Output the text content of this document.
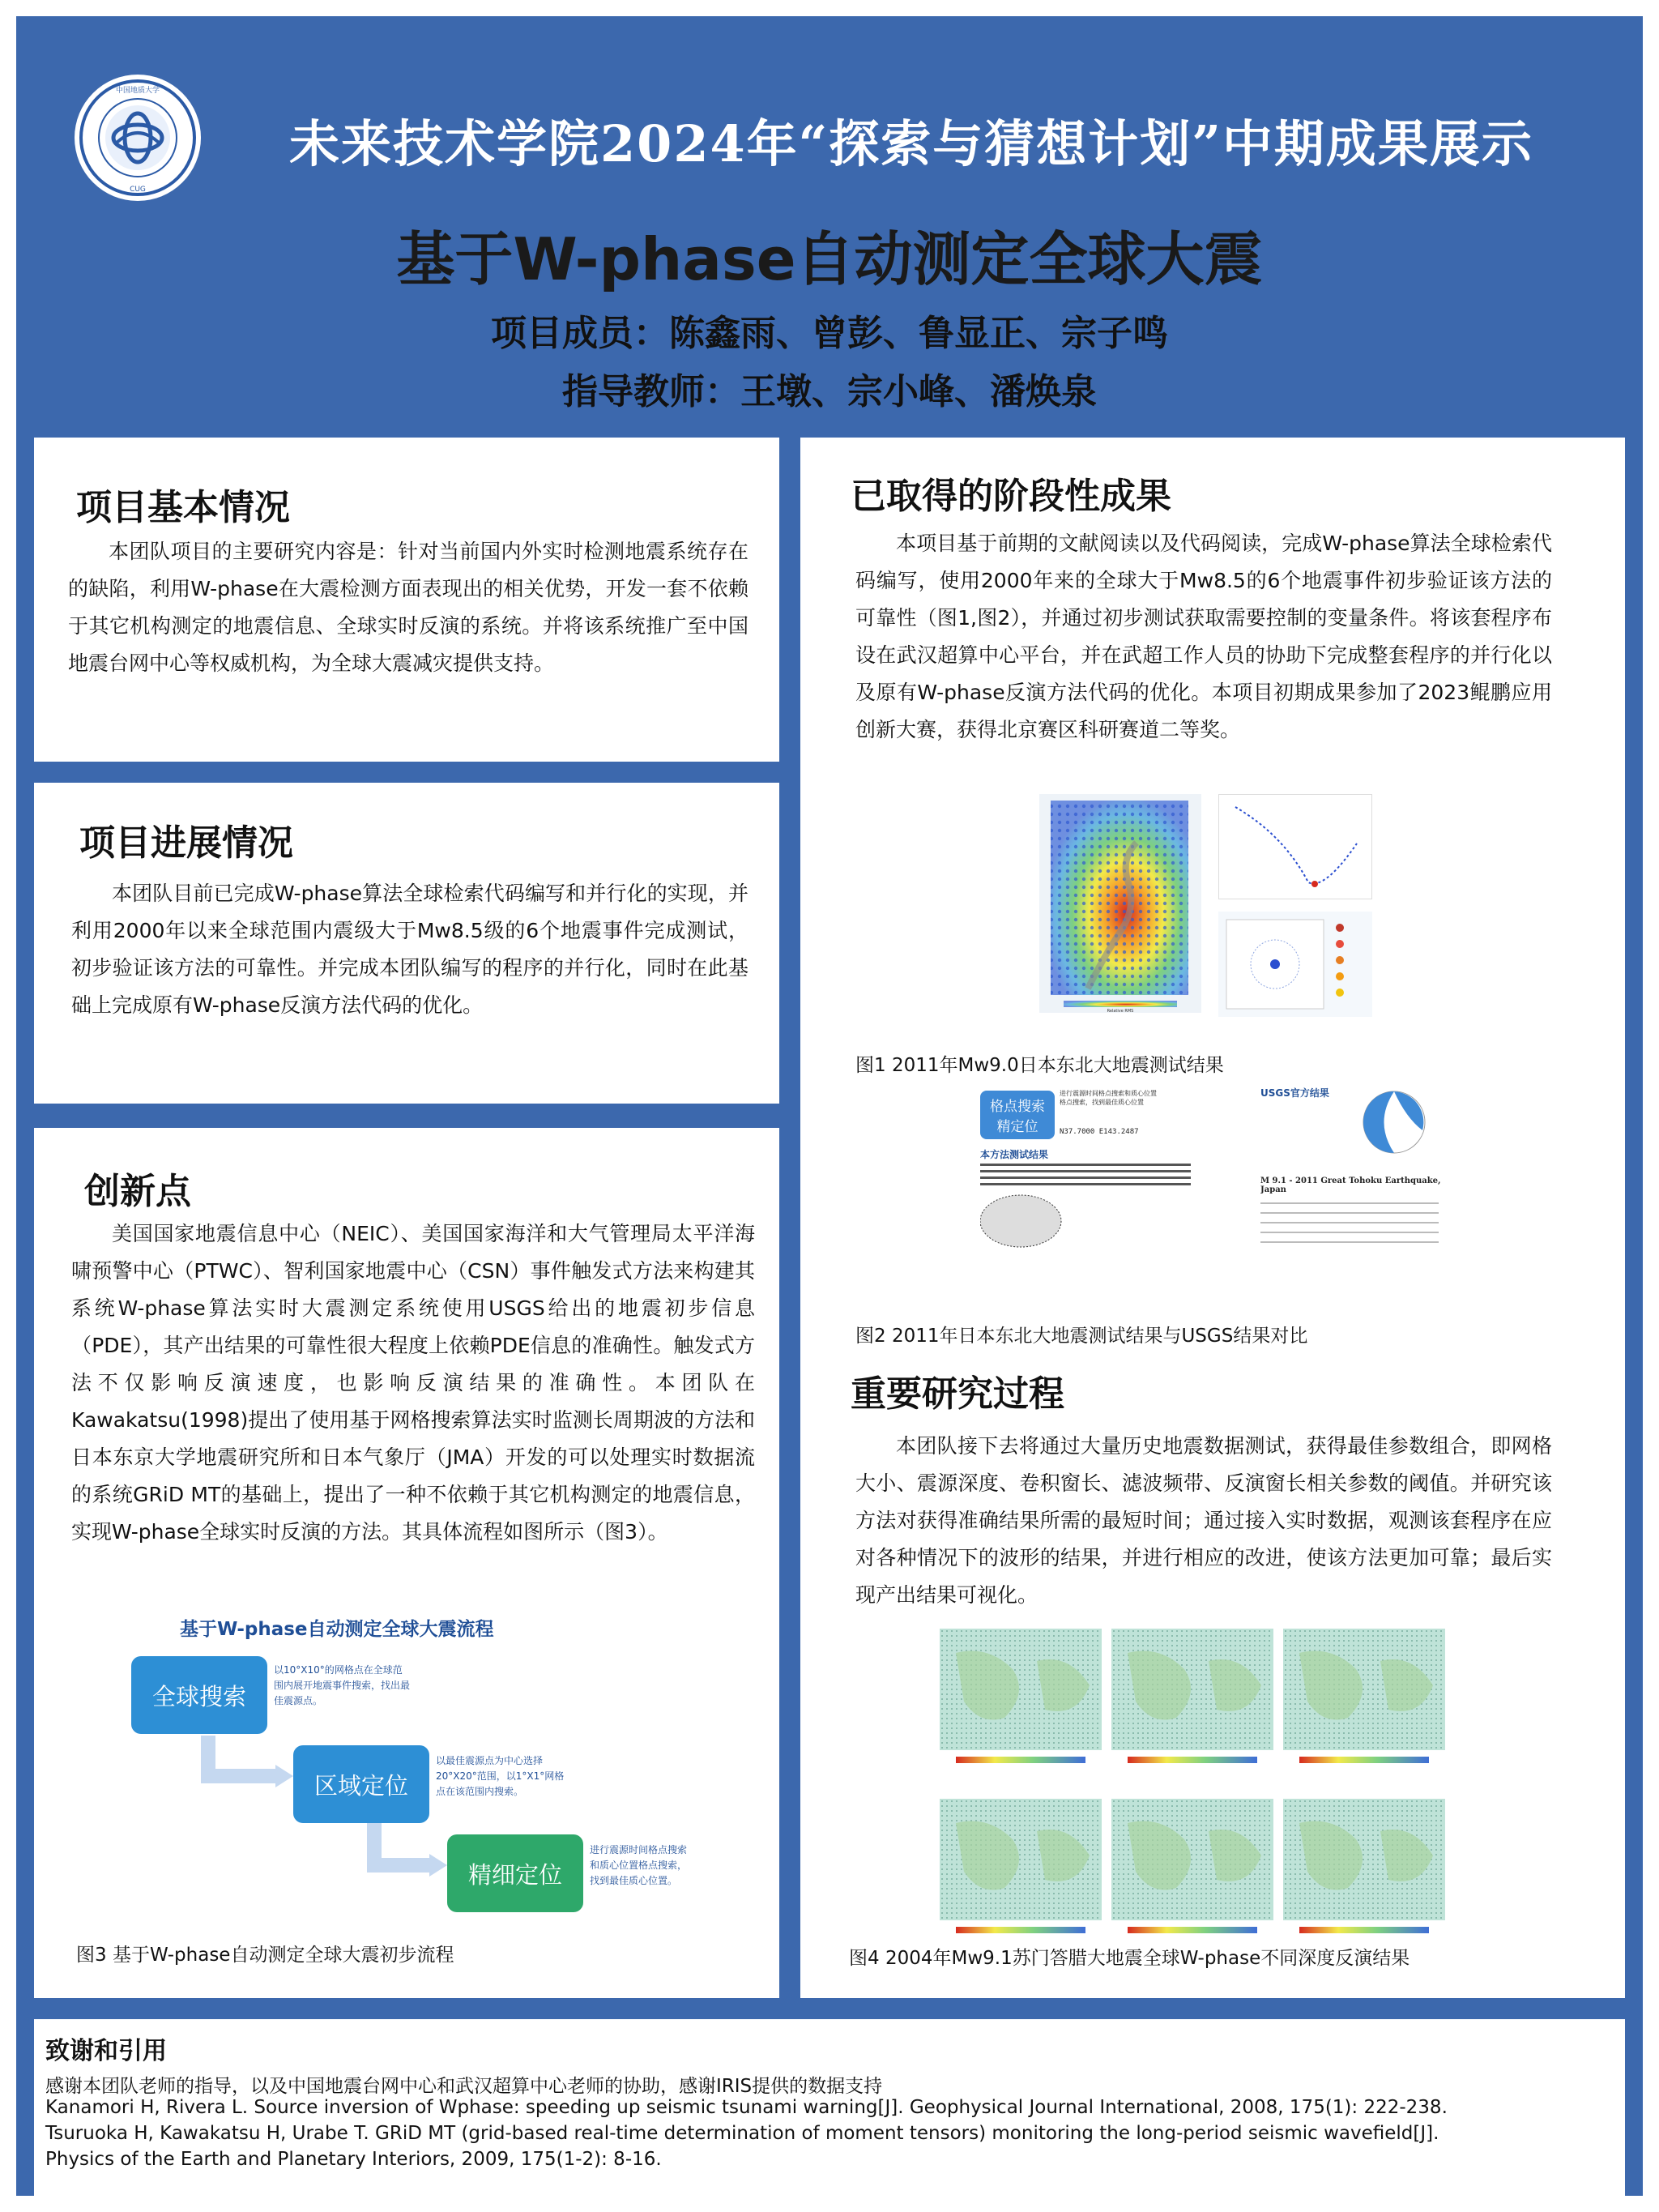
中国地质大学
CUG
未来技术学院2024年“探索与猜想计划”中期成果展示
基于W-phase自动测定全球大震
项目成员：陈鑫雨、曾彭、鲁显正、宗子鸣
指导教师：王墩、宗小峰、潘焕泉
项目基本情况

本团队项目的主要研究内容是：针对当前国内外实时检测地震系统存在的缺陷，利用W-phase在大震检测方面表现出的相关优势，开发一套不依赖于其它机构测定的地震信息、全球实时反演的系统。并将该系统推广至中国地震台网中心等权威机构，为全球大震减灾提供支持。

项目进展情况

本团队目前已完成W-phase算法全球检索代码编写和并行化的实现，并利用2000年以来全球范围内震级大于Mw8.5级的6个地震事件完成测试，初步验证该方法的可靠性。并完成本团队编写的程序的并行化，同时在此基础上完成原有W-phase反演方法代码的优化。

创新点

美国国家地震信息中心（NEIC）、美国国家海洋和大气管理局太平洋海啸预警中心（PTWC）、智利国家地震中心（CSN）事件触发式方法来构建其系统W-phase算法实时大震测定系统使用USGS给出的地震初步信息（PDE），其产出结果的可靠性很大程度上依赖PDE信息的准确性。触发式方法不仅影响反演速度，也影响反演结果的准确性。本团队在Kawakatsu(1998)提出了使用基于网格搜索算法实时监测长周期波的方法和日本东京大学地震研究所和日本气象厅（JMA）开发的可以处理实时数据流的系统GRiD MT的基础上，提出了一种不依赖于其它机构测定的地震信息，实现W-phase全球实时反演的方法。其具体流程如图所示（图3）。

基于W-phase自动测定全球大震流程
全球搜索
以10°X10°的网格点在全球范围内展开地震事件搜索，找出最佳震源点。
区域定位
以最佳震源点为中心选择20°X20°范围，以1°X1°网格点在该范围内搜索。
精细定位
进行震源时间格点搜索和质心位置格点搜索，找到最佳质心位置。
图3 基于W-phase自动测定全球大震初步流程
已取得的阶段性成果

本项目基于前期的文献阅读以及代码阅读，完成W-phase算法全球检索代码编写，使用2000年来的全球大于Mw8.5的6个地震事件初步验证该方法的可靠性（图1,图2），并通过初步测试获取需要控制的变量条件。将该套程序布设在武汉超算中心平台，并在武超工作人员的协助下完成整套程序的并行化以及原有W-phase反演方法代码的优化。本项目初期成果参加了2023鲲鹏应用创新大赛，获得北京赛区科研赛道二等奖。

Relative RMS
图1 2011年Mw9.0日本东北大地震测试结果
格点搜索 精定位
进行震源时间格点搜索和质心位置格点搜索，找到最佳质心位置
N37.7000 E143.2487
本方法测试结果
USGS官方结果
M 9.1 - 2011 Great Tohoku Earthquake, Japan
图2 2011年日本东北大地震测试结果与USGS结果对比
重要研究过程

本团队接下去将通过大量历史地震数据测试，获得最佳参数组合，即网格大小、震源深度、卷积窗长、滤波频带、反演窗长相关参数的阈值。并研究该方法对获得准确结果所需的最短时间；通过接入实时数据，观测该套程序在应对各种情况下的波形的结果，并进行相应的改进，使该方法更加可靠；最后实现产出结果可视化。

图4 2004年Mw9.1苏门答腊大地震全球W-phase不同深度反演结果
致谢和引用
感谢本团队老师的指导，以及中国地震台网中心和武汉超算中心老师的协助，感谢IRIS提供的数据支持
Kanamori H, Rivera L. Source inversion of Wphase: speeding up seismic tsunami warning[J]. Geophysical Journal International, 2008, 175(1): 222-238.
Tsuruoka H, Kawakatsu H, Urabe T. GRiD MT (grid-based real-time determination of moment tensors) monitoring the long-period seismic wavefield[J].
Physics of the Earth and Planetary Interiors, 2009, 175(1-2): 8-16.
